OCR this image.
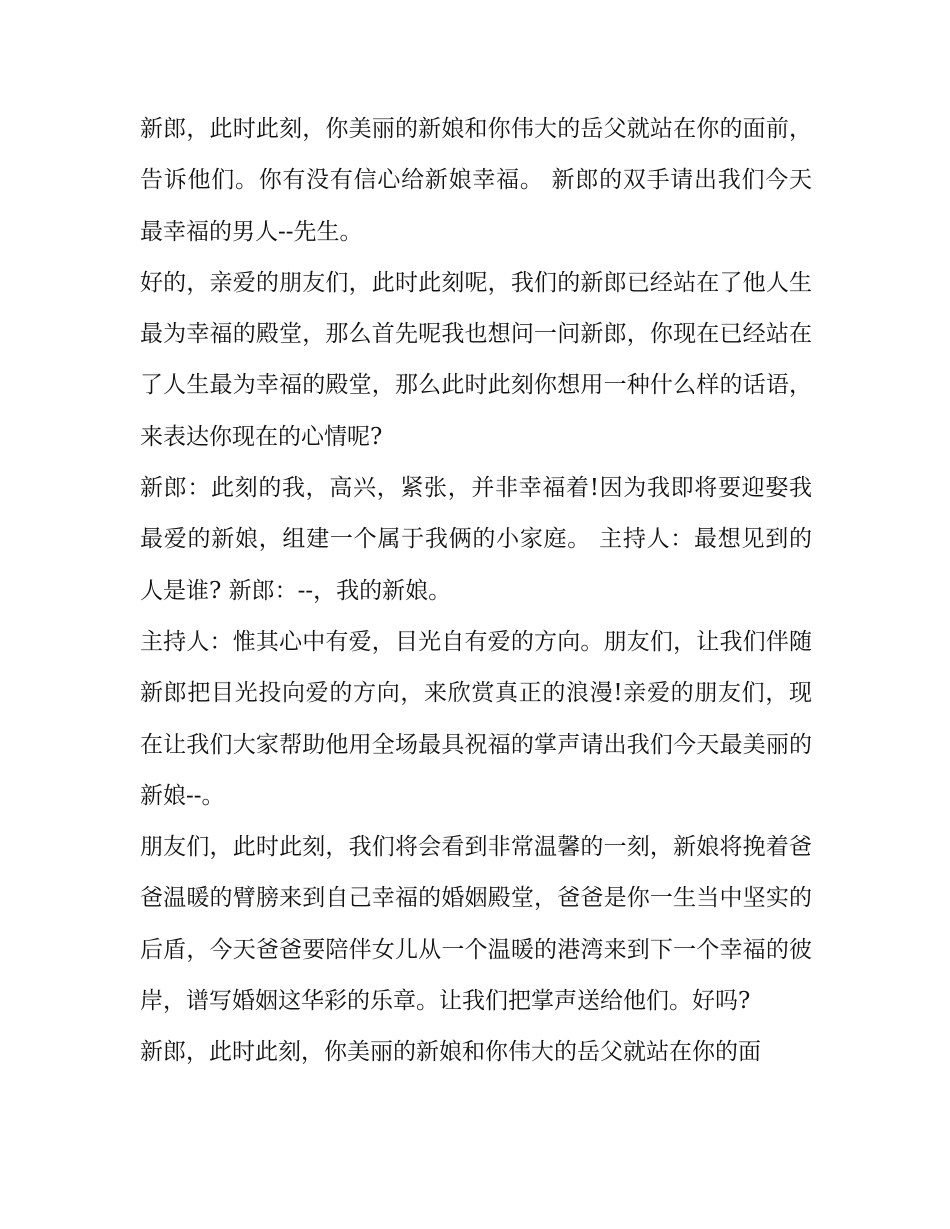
新郎，此时此刻，你美丽的新娘和你伟大的岳父就站在你的面前，告诉他们。你有没有信心给新娘幸福。 新郎的双手请出我们今天最幸福的男人--先生。

好的，亲爱的朋友们，此时此刻呢，我们的新郎已经站在了他人生最为幸福的殿堂，那么首先呢我也想问一问新郎，你现在已经站在了人生最为幸福的殿堂，那么此时此刻你想用一种什么样的话语，来表达你现在的心情呢?

新郎：此刻的我，高兴，紧张，并非幸福着!因为我即将要迎娶我最爱的新娘，组建一个属于我俩的小家庭。 主持人：最想见到的人是谁? 新郎：--，我的新娘。

主持人：惟其心中有爱，目光自有爱的方向。朋友们，让我们伴随新郎把目光投向爱的方向，来欣赏真正的浪漫!亲爱的朋友们，现在让我们大家帮助他用全场最具祝福的掌声请出我们今天最美丽的新娘--。

朋友们，此时此刻，我们将会看到非常温馨的一刻，新娘将挽着爸爸温暖的臂膀来到自己幸福的婚姻殿堂，爸爸是你一生当中坚实的后盾，今天爸爸要陪伴女儿从一个温暖的港湾来到下一个幸福的彼岸，谱写婚姻这华彩的乐章。让我们把掌声送给他们。好吗?

新郎，此时此刻，你美丽的新娘和你伟大的岳父就站在你的面
